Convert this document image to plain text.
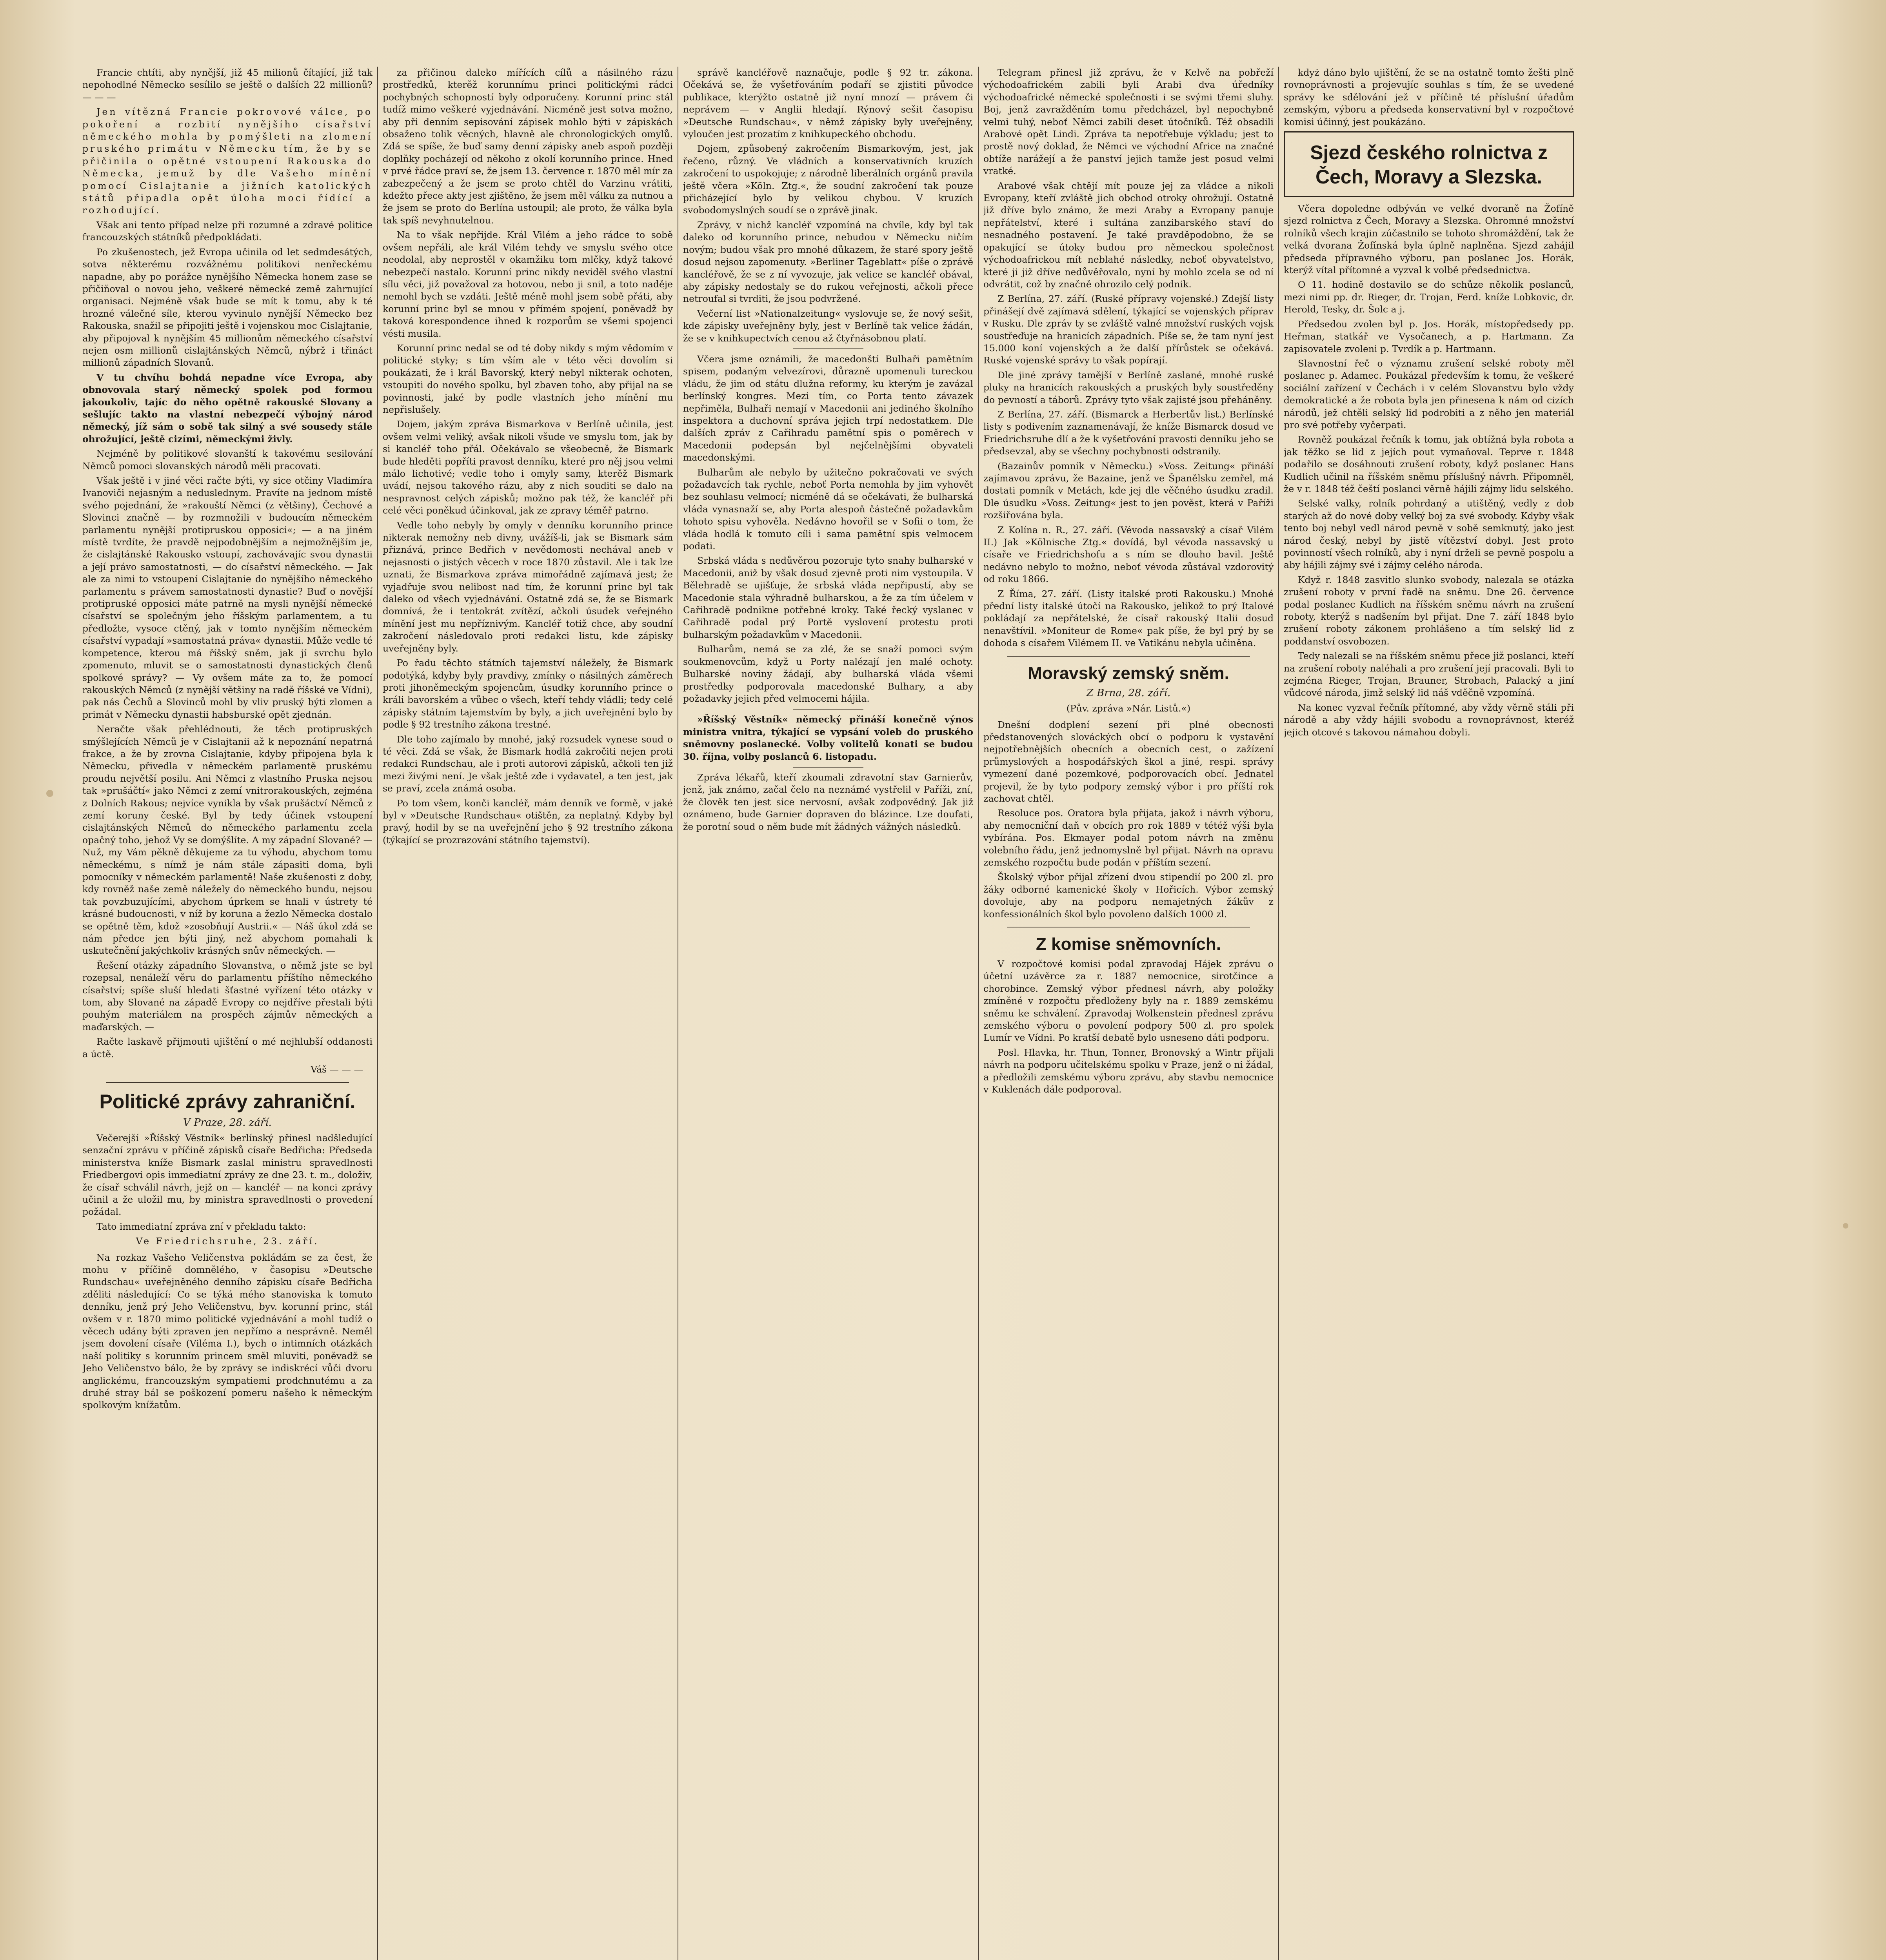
Francie chtíti, aby nynější, již 45 milionů čítající, již tak nepohodlné Německo sesílilo se ještě o dalších 22 millionů? — — —

Jen vítězná Francie pokrovové válce, po pokoření a rozbití nynějšího císařství německého mohla by pomýšleti na zlomení pruského primátu v Německu tím, že by se přičinila o opětné vstoupení Rakouska do Německa, jemuž by dle Vašeho mínění pomocí Cislajtanie a jižních katolických států připadla opět úloha moci řídící a rozhodující.

Však ani tento případ nelze při rozumné a zdravé politice francouzských státníků předpokládati.

Po zkušenostech, jež Evropa učinila od let sedmdesátých, sotva některému rozvážnému politikovi nenřeckému napadne, aby po porážce nynějšího Německa honem zase se přičiňoval o novou jeho, veškeré německé země zahrnující organisaci. Nejméně však bude se mít k tomu, aby k té hrozné válečné síle, kterou vyvinulo nynější Německo bez Rakouska, snažil se připojiti ještě i vojenskou moc Cislajtanie, aby připojoval k nynějším 45 millionům německého císařství nejen osm millionů cislajtánských Němců, nýbrž i třináct millionů západních Slovanů.

V tu chvíhu bohdá nepadne více Evropa, aby obnovovala starý německý spolek pod formou jakoukoliv, tajíc do něho opětně rakouské Slovany a sešlujíc takto na vlastní nebezpečí výbojný národ německý, jíž sám o sobě tak silný a své sousedy stále ohrožující, ještě cizími, německými živly.

Nejméně by politikové slovanští k takovému sesilování Němců pomoci slovanských národů měli pracovati.

Však ještě i v jiné věci račte býti, vy sice otčiny Vladimíra Ivanoviči nejasným a neduslednym. Pravíte na jednom místě svého pojednání, že »rakouští Němci (z většiny), Čechové a Slovinci značně — by rozmnožili v budoucím německém parlamentu nynější protipruskou opposici«; — a na jiném místě tvrdíte, že pravdě nejpodobnějším a nejmožnějším je, že cislajtánské Rakousko vstoupí, zachovávajíc svou dynastii a její právo samostatnosti, — do císařství německého. — Jak ale za nimi to vstoupení Cislajtanie do nynějšího německého parlamentu s právem samostatnosti dynastie? Buď o novější protipruské opposici máte patrně na mysli nynější německé císařství se společným jeho říšským parlamentem, a tu předložte, vysoce ctěný, jak v tomto nynějším německém císařství vypadají »samostatná práva« dynastii. Může vedle té kompetence, kterou má říšský sněm, jak jí svrchu bylo zpomenuto, mluvit se o samostatnosti dynastických členů spolkové správy? — Vy ovšem máte za to, že pomocí rakouských Němců (z nynější většiny na radě říšské ve Vídni), pak nás Čechů a Slovinců mohl by vliv pruský býti zlomen a primát v Německu dynastii habsburské opět zjednán.

Neračte však přehlédnouti, že těch protipruských smýšlejících Němců je v Cislajtanii až k nepoznání nepatrná frakce, a že by zrovna Cislajtanie, kdyby připojena byla k Německu, přivedla v německém parlamentě pruskému proudu největší posilu. Ani Němci z vlastního Pruska nejsou tak »prušáčtí« jako Němci z zemí vnitrorakouských, zejména z Dolních Rakous; nejvíce vynikla by však prušáctví Němců z zemí koruny české. Byl by tedy účinek vstoupení cislajtánských Němců do německého parlamentu zcela opačný toho, jehož Vy se domýšlíte. A my západní Slované? — Nuž, my Vám pěkně děkujeme za tu výhodu, abychom tomu německému, s nímž je nám stále zápasiti doma, byli pomocníky v německém parlamentě! Naše zkušenosti z doby, kdy rovněž naše země náležely do německého bundu, nejsou tak povzbuzujícími, abychom úprkem se hnali v ústrety té krásné budoucnosti, v níž by koruna a žezlo Německa dostalo se opětně těm, kdož »zosobňují Austrii.« — Náš úkol zdá se nám předce jen býti jiný, než abychom pomahali k uskutečnění jakýchkoliv krásných snův německých. —

Řešení otázky západního Slovanstva, o němž jste se byl rozepsal, nenáleží věru do parlamentu příštího německého císařství; spíše sluší hledati šťastné vyřízení této otázky v tom, aby Slované na západě Evropy co nejdříve přestali býti pouhým materiálem na prospěch zájmův německých a maďarských. —

Račte laskavě přijmouti ujištění o mé nejhlubší oddanosti a úctě.

Váš — — —
Politické zprávy zahraniční.
V Praze, 28. září.

Večerejší »Říšský Věstník« berlínský přinesl nadšledující senzační zprávu v příčině zápisků císaře Bedřicha: Předseda ministerstva kníže Bismark zaslal ministru spravedlnosti Friedbergovi opis immediatní zprávy ze dne 23. t. m., doloživ, že císař schválil návrh, jejž on — kancléř — na konci zprávy učinil a že uložil mu, by ministra spravedlnosti o provedení požádal.

Tato immediatní zpráva zní v překladu takto:

Ve Friedrichsruhe, 23. září.

Na rozkaz Vašeho Veličenstva pokládám se za čest, že mohu v příčině domnělého, v časopisu »Deutsche Rundschau« uveřejněného denního zápisku císaře Bedřicha zděliti následující: Co se týká mého stanoviska k tomuto denníku, jenž prý Jeho Veličenstvu, byv. korunní princ, stál ovšem v r. 1870 mimo politické vyjednávání a mohl tudíž o věcech udány býti zpraven jen nepřímo a nesprávně. Neměl jsem dovolení císaře (Viléma I.), bych o intimních otázkách naší politiky s korunním princem směl mluviti, poněvadž se Jeho Veličenstvo bálo, že by zprávy se indiskrécí vůči dvoru anglickému, francouzským sympatiemi prodchnutému a za druhé stray bál se poškození pomeru našeho k německým spolkovým knížatům.

za přičinou daleko mířících cílů a násilného rázu prostředků, kterěž korunnímu princi politickými rádci pochybných schopností byly odporučeny. Korunní princ stál tudíž mimo veškeré vyjednávání. Nicméně jest sotva možno, aby při denním sepisování zápisek mohlo býti v zápiskách obsaženo tolik věcných, hlavně ale chronologických omylů. Zdá se spíše, že buď samy denní zápisky aneb aspoň později doplňky pocházejí od někoho z okolí korunního prince. Hned v prvé řádce praví se, že jsem 13. července r. 1870 měl mír za zabezpečený a že jsem se proto chtěl do Varzinu vrátiti, kdežto přece akty jest zjištěno, že jsem měl válku za nutnou a že jsem se proto do Berlína ustoupil; ale proto, že válka byla tak spíš nevyhnutelnou.

Na to však nepřijde. Král Vilém a jeho rádce to sobě ovšem nepřáli, ale král Vilém tehdy ve smyslu svého otce neodolal, aby neprostěl v okamžiku tom mlčky, když takové nebezpečí nastalo. Korunní princ nikdy neviděl svého vlastní sílu věci, již považoval za hotovou, nebo ji snil, a toto naděje nemohl bych se vzdáti. Ještě méně mohl jsem sobě přáti, aby korunní princ byl se mnou v přímém spojení, poněvadž by taková korespondence ihned k rozporům se všemi spojenci vésti musila.

Korunní princ nedal se od té doby nikdy s mým vědomím v politické styky; s tím vším ale v této věci dovolím si poukázati, že i král Bavorský, který nebyl nikterak ochoten, vstoupiti do nového spolku, byl zbaven toho, aby přijal na se povinnosti, jaké by podle vlastních jeho mínění mu nepřislušely.

Dojem, jakým zpráva Bismarkova v Berlíně učinila, jest ovšem velmi veliký, avšak nikoli všude ve smyslu tom, jak by si kancléř toho přál. Očekávalo se všeobecně, že Bismark bude hleděti popříti pravost denníku, které pro něj jsou velmi málo lichotivé; vedle toho i omyly samy, kterěž Bismark uvádí, nejsou takového rázu, aby z nich souditi se dalo na nespravnost celých zápisků; možno pak též, že kancléř při celé věci poněkud účinkoval, jak ze zpravy téměř patrno.

Vedle toho nebyly by omyly v denníku korunního prince nikterak nemožny neb divny, uvážíš-li, jak se Bismark sám přiznává, prince Bedřich v nevědomosti nechával aneb v nejasnosti o jistých věcech v roce 1870 zůstavil. Ale i tak lze uznati, že Bismarkova zpráva mimořádně zajímavá jest; že vyjadřuje svou nelibost nad tím, že korunní princ byl tak daleko od všech vyjednávání. Ostatně zdá se, že se Bismark domnívá, že i tentokrát zvítězí, ačkoli úsudek veřejného mínění jest mu nepříznivým. Kancléř totiž chce, aby soudní zakročení následovalo proti redakci listu, kde zápisky uveřejněny byly.

Po řadu těchto státních tajemství náležely, že Bismark podotýká, kdyby byly pravdivy, zmínky o násilných záměrech proti jihoněmeckým spojencům, úsudky korunního prince o králi bavorském a vůbec o všech, kteří tehdy vládli; tedy celé zápisky státním tajemstvím by byly, a jich uveřejnění bylo by podle § 92 trestního zákona trestné.

Dle toho zajímalo by mnohé, jaký rozsudek vynese soud o té věci. Zdá se však, že Bismark hodlá zakročiti nejen proti redakci Rundschau, ale i proti autorovi zápisků, ačkoli ten již mezi živými není. Je však ještě zde i vydavatel, a ten jest, jak se praví, zcela známá osoba.

Po tom všem, konči kancléř, mám denník ve formě, v jaké byl v »Deutsche Rundschau« otištěn, za neplatný. Kdyby byl pravý, hodil by se na uveřejnění jeho § 92 trestního zákona (týkající se prozrazování státního tajemství).

správě kancléřově naznačuje, podle § 92 tr. zákona. Očekává se, že vyšetřováním podaří se zjistiti původce publikace, kterýžto ostatně již nyní mnozí — právem či neprávem — v Anglii hledají. Rýnový sešit časopisu »Deutsche Rundschau«, v němž zápisky byly uveřejněny, vyloučen jest prozatím z knihkupeckého obchodu.

Dojem, způsobený zakročením Bismarkovým, jest, jak řečeno, různý. Ve vládních a konservativních kruzích zakročení to uspokojuje; z národně liberálních orgánů pravila ještě včera »Köln. Ztg.«, že soudní zakročení tak pouze přicházející bylo by velikou chybou. V kruzích svobodomyslných soudí se o zprávě jinak.

Zprávy, v nichž kancléř vzpomíná na chvíle, kdy byl tak daleko od korunního prince, nebudou v Německu ničím novým; budou však pro mnohé důkazem, že staré spory ještě dosud nejsou zapomenuty. »Berliner Tageblatt« píše o zprávě kancléřově, že se z ní vyvozuje, jak velice se kancléř obával, aby zápisky nedostaly se do rukou veřejnosti, ačkoli přece netroufal si tvrditi, že jsou podvržené.

Večerní list »Nationalzeitung« vyslovuje se, že nový sešit, kde zápisky uveřejněny byly, jest v Berlíně tak velice žádán, že se v knihkupectvích cenou až čtyřnásobnou platí.

Včera jsme oznámili, že macedonští Bulhaři pamětním spisem, podaným velvezírovi, důrazně upomenuli tureckou vládu, že jim od státu dlužna reformy, ku kterým je zavázal berlínský kongres. Mezi tím, co Porta tento závazek nepřiměla, Bulhaři nemají v Macedonii ani jediného školního inspektora a duchovní správa jejich trpí nedostatkem. Dle dalších zpráv z Cařihradu pamětní spis o poměrech v Macedonii podepsán byl nejčelnějšími obyvateli macedonskými.

Bulharům ale nebylo by užitečno pokračovati ve svých požadavcích tak rychle, neboť Porta nemohla by jim vyhovět bez souhlasu velmocí; nicméně dá se očekávati, že bulharská vláda vynasnaží se, aby Porta alespoň částečně požadavkům tohoto spisu vyhověla. Nedávno hovořil se v Sofii o tom, že vláda hodlá k tomuto cíli i sama pamětní spis velmocem podati.

Srbská vláda s nedůvěrou pozoruje tyto snahy bulharské v Macedonii, aniž by však dosud zjevně proti nim vystoupila. V Bělehradě se ujišťuje, že srbská vláda nepřipustí, aby se Macedonie stala výhradně bulharskou, a že za tím účelem v Cařihradě podnikne potřebné kroky. Také řecký vyslanec v Cařihradě podal prý Portě vyslovení protestu proti bulharským požadavkům v Macedonii.

Bulharům, nemá se za zlé, že se snaží pomoci svým soukmenovcům, když u Porty nalézají jen malé ochoty. Bulharské noviny žádají, aby bulharská vláda všemi prostředky podporovala macedonské Bulhary, a aby požadavky jejich před velmocemi hájila.

»Říšský Věstník« německý přináší konečně výnos ministra vnitra, týkající se vypsání voleb do pruského sněmovny poslanecké. Volby volitelů konati se budou 30. října, volby poslanců 6. listopadu.

Zpráva lékařů, kteří zkoumali zdravotní stav Garnierův, jenž, jak známo, začal čelo na neznámé vystřelil v Paříži, zní, že člověk ten jest sice nervosní, avšak zodpovědný. Jak již oznámeno, bude Garnier dopraven do blázince. Lze doufati, že porotní soud o něm bude mít žádných vážných následků.

Telegram přinesl již zprávu, že v Kelvě na pobřeží východoafrickém zabili byli Arabi dva úředníky východoafrické německé společnosti i se svými třemi sluhy. Boj, jenž zavražděním tomu předcházel, byl nepochybně velmi tuhý, neboť Němci zabili deset útočníků. Též obsadili Arabové opět Lindi. Zpráva ta nepotřebuje výkladu; jest to prostě nový doklad, že Němci ve východní Africe na značné obtíže narážejí a že panství jejich tamže jest posud velmi vratké.

Arabové však chtějí mít pouze jej za vládce a nikoli Evropany, kteří zvláště jich obchod otroky ohrožují. Ostatně již dříve bylo známo, že mezi Araby a Evropany panuje nepřátelství, které i sultána zanzibarského staví do nesnadného postavení. Je také pravděpodobno, že se opakující se útoky budou pro německou společnost východoafrickou mít neblahé následky, neboť obyvatelstvo, které ji již dříve nedůvěřovalo, nyní by mohlo zcela se od ní odvrátit, což by značně ohrozilo celý podnik.

Z Berlína, 27. září. (Ruské přípravy vojenské.) Zdejší listy přinášejí dvě zajímavá sdělení, týkající se vojenských příprav v Rusku. Dle zpráv ty se zvláště valné množství ruských vojsk soustřeďuje na hranicích západních. Píše se, že tam nyní jest 15.000 koní vojenských a že další přírůstek se očekává. Ruské vojenské správy to však popírají.

Dle jiné zprávy tamější v Berlíně zaslané, mnohé ruské pluky na hranicích rakouských a pruských byly soustředěny do pevností a táborů. Zprávy tyto však zajisté jsou přeháněny.

Z Berlína, 27. září. (Bismarck a Herbertův list.) Berlínské listy s podivením zaznamenávají, že kníže Bismarck dosud ve Friedrichsruhe dlí a že k vyšetřování pravosti denníku jeho se předsevzal, aby se všechny pochybnosti odstranily.

(Bazainův pomník v Německu.) »Voss. Zeitung« přináší zajímavou zprávu, že Bazaine, jenž ve Španělsku zemřel, má dostati pomník v Metách, kde jej dle věčného úsudku zradil. Dle úsudku »Voss. Zeitung« jest to jen pověst, která v Paříži rozšiřována byla.

Z Kolína n. R., 27. září. (Vévoda nassavský a císař Vilém II.) Jak »Kölnische Ztg.« dovídá, byl vévoda nassavský u císaře ve Friedrichshofu a s ním se dlouho bavil. Ještě nedávno nebylo to možno, neboť vévoda zůstával vzdorovitý od roku 1866.

Z Říma, 27. září. (Listy italské proti Rakousku.) Mnohé přední listy italské útočí na Rakousko, jelikož to prý Italové pokládají za nepřátelské, že císař rakouský Italii dosud nenavštívil. »Moniteur de Rome« pak píše, že byl prý by se dohoda s císařem Vilémem II. ve Vatikánu nebyla učiněna.

Moravský zemský sněm.
Z Brna, 28. září.
(Pův. zpráva »Nár. Listů.«)

Dnešní dodplení sezení při plné obecnosti předstanovených slováckých obcí o podporu k vystavění nejpotřebnějších obecních a obecních cest, o zažízení průmyslových a hospodářských škol a jiné, respi. správy vymezení dané pozemkové, podporovacích obcí. Jednatel projevil, že by tyto podpory zemský výbor i pro příští rok zachovat chtěl.

Resoluce pos. Oratora byla přijata, jakož i návrh výboru, aby nemocniční daň v obcích pro rok 1889 v tétéž výši byla vybírána. Pos. Ekmayer podal potom návrh na změnu volebního řádu, jenž jednomyslně byl přijat. Návrh na opravu zemského rozpočtu bude podán v příštím sezení.

Školský výbor přijal zřízení dvou stipendií po 200 zl. pro žáky odborné kamenické školy v Hořicích. Výbor zemský dovoluje, aby na podporu nemajetných žákův z konfessionálních škol bylo povoleno dalších 1000 zl.

Z komise sněmovních.

V rozpočtové komisi podal zpravodaj Hájek zprávu o účetní uzávěrce za r. 1887 nemocnice, sirotčince a chorobince. Zemský výbor přednesl návrh, aby položky zmíněné v rozpočtu předloženy byly na r. 1889 zemskému sněmu ke schválení. Zpravodaj Wolkenstein přednesl zprávu zemského výboru o povolení podpory 500 zl. pro spolek Lumír ve Vídni. Po kratší debatě bylo usneseno dáti podporu.

Posl. Hlavka, hr. Thun, Tonner, Bronovský a Wintr přijali návrh na podporu učitelskému spolku v Praze, jenž o ni žádal, a předložili zemskému výboru zprávu, aby stavbu nemocnice v Kuklenách dále podporoval.

kdyż dáno bylo ujištění, že se na ostatně tomto žešti plně rovnoprávnosti a projevujíc souhlas s tím, že se uvedené správy ke sdělování jež v příčině té příslušní úřadům zemským, výboru a předseda konservativní byl v rozpočtové komisi účinný, jest poukázáno.

Sjezd českého rolnictva z Čech, Moravy a Slezska.

Včera dopoledne odbýván ve velké dvoraně na Žofíně sjezd rolnictva z Čech, Moravy a Slezska. Ohromné množství rolníků všech krajin zúčastnilo se tohoto shromáždění, tak že velká dvorana Žofínská byla úplně naplněna. Sjezd zahájil předseda přípravného výboru, pan poslanec Jos. Horák, kterýž vítal přítomné a vyzval k volbě předsednictva.

O 11. hodině dostavilo se do schůze několik poslanců, mezi nimi pp. dr. Rieger, dr. Trojan, Ferd. kníže Lobkovic, dr. Herold, Tesky, dr. Šolc a j.

Předsedou zvolen byl p. Jos. Horák, místopředsedy pp. Heřman, statkář ve Vysočanech, a p. Hartmann. Za zapisovatele zvoleni p. Tvrdík a p. Hartmann.

Slavnostní řeč o významu zrušení selské roboty měl poslanec p. Adamec. Poukázal především k tomu, že veškeré sociální zařízení v Čechách i v celém Slovanstvu bylo vždy demokratické a že robota byla jen přinesena k nám od cizích národů, jež chtěli selský lid podrobiti a z něho jen materiál pro své potřeby vyčerpati.

Rovněž poukázal řečník k tomu, jak obtížná byla robota a jak těžko se lid z jejích pout vymaňoval. Teprve r. 1848 podařilo se dosáhnouti zrušení roboty, když poslanec Hans Kudlich učinil na říšském sněmu příslušný návrh. Připomněl, že v r. 1848 též čeští poslanci věrně hájili zájmy lidu selského.

Selské valky, rolník pohrdaný a utištěný, vedly z dob starých až do nové doby velký boj za své svobody. Kdyby však tento boj nebyl vedl národ pevně v sobě semknutý, jako jest národ český, nebyl by jistě vítězství dobyl. Jest proto povinností všech rolníků, aby i nyní drželi se pevně pospolu a aby hájili zájmy své i zájmy celého národa.

Když r. 1848 zasvitlo slunko svobody, nalezala se otázka zrušení roboty v první řadě na sněmu. Dne 26. července podal poslanec Kudlich na říšském sněmu návrh na zrušení roboty, kterýž s nadšením byl přijat. Dne 7. září 1848 bylo zrušení roboty zákonem prohlášeno a tím selský lid z poddanství osvobozen.

Tedy nalezali se na říšském sněmu přece již poslanci, kteří na zrušení roboty naléhali a pro zrušení její pracovali. Byli to zejména Rieger, Trojan, Brauner, Strobach, Palacký a jiní vůdcové národa, jimž selský lid náš vděčně vzpomíná.

Na konec vyzval řečník přítomné, aby vždy věrně stáli při národě a aby vždy hájili svobodu a rovnoprávnost, kteréž jejich otcové s takovou námahou dobyli.
